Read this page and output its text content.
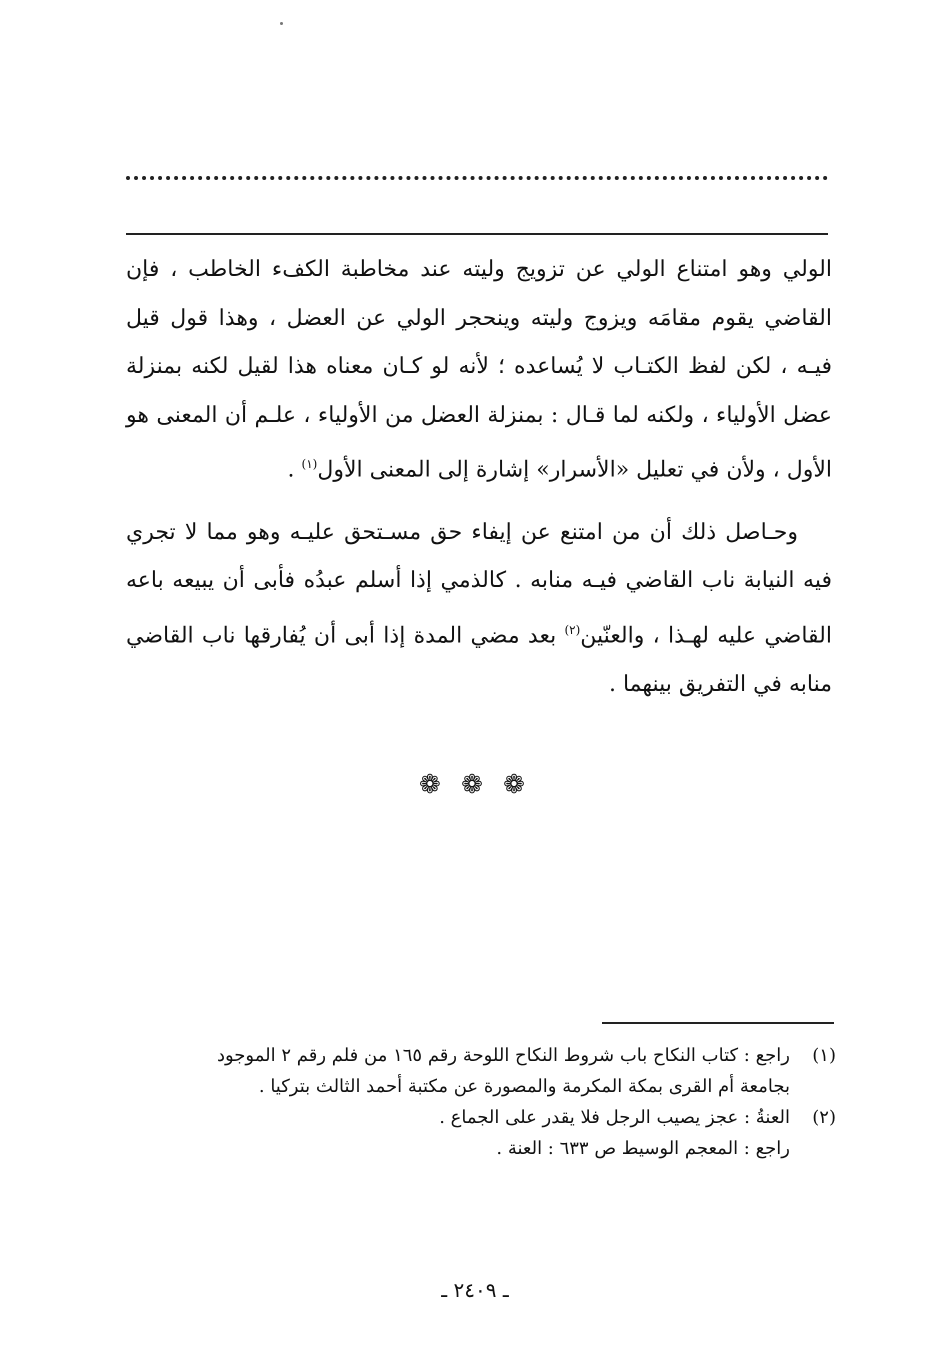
الولي وهو امتناع الولي عن تزويج وليته عند مخاطبة الكفء الخاطب ، فإن القاضي يقوم مقامَه ويزوج وليته وينحجر الولي عن العضل ، وهذا قول قيل فيـه ، لكن لفظ الكتـاب لا يُساعده ؛ لأنه لو كـان معناه هذا لقيل لكنه بمنزلة عضل الأولياء ، ولكنه لما قـال : بمنزلة العضل من الأولياء ، علـم أن المعنى هو الأول ، ولأن في تعليل «الأسرار» إشارة إلى المعنى الأول$^{(١)}$ .

وحـاصل ذلك أن من امتنع عن إيفاء حق مسـتحق عليـه وهو مما لا تجري فيه النيابة ناب القاضي فيـه منابه . كالذمي إذا أسلم عبدُه فأبى أن يبيعه باعه القاضي عليه لهـذا ، والعنّين$^{(٢)}$ بعد مضي المدة إذا أبى أن يُفارقها ناب القاضي منابه في التفريق بينهما .

❁ ❁ ❁

(١)راجع : كتاب النكاح باب شروط النكاح اللوحة رقم ١٦٥ من فلم رقم ٢ الموجود

بجامعة أم القرى بمكة المكرمة والمصورة عن مكتبة أحمد الثالث بتركيا .

(٢)العنةُ : عجز يصيب الرجل فلا يقدر على الجماع .

راجع : المعجم الوسيط ص ٦٣٣ : العنة .

ـ ٢٤٠٩ ـ
